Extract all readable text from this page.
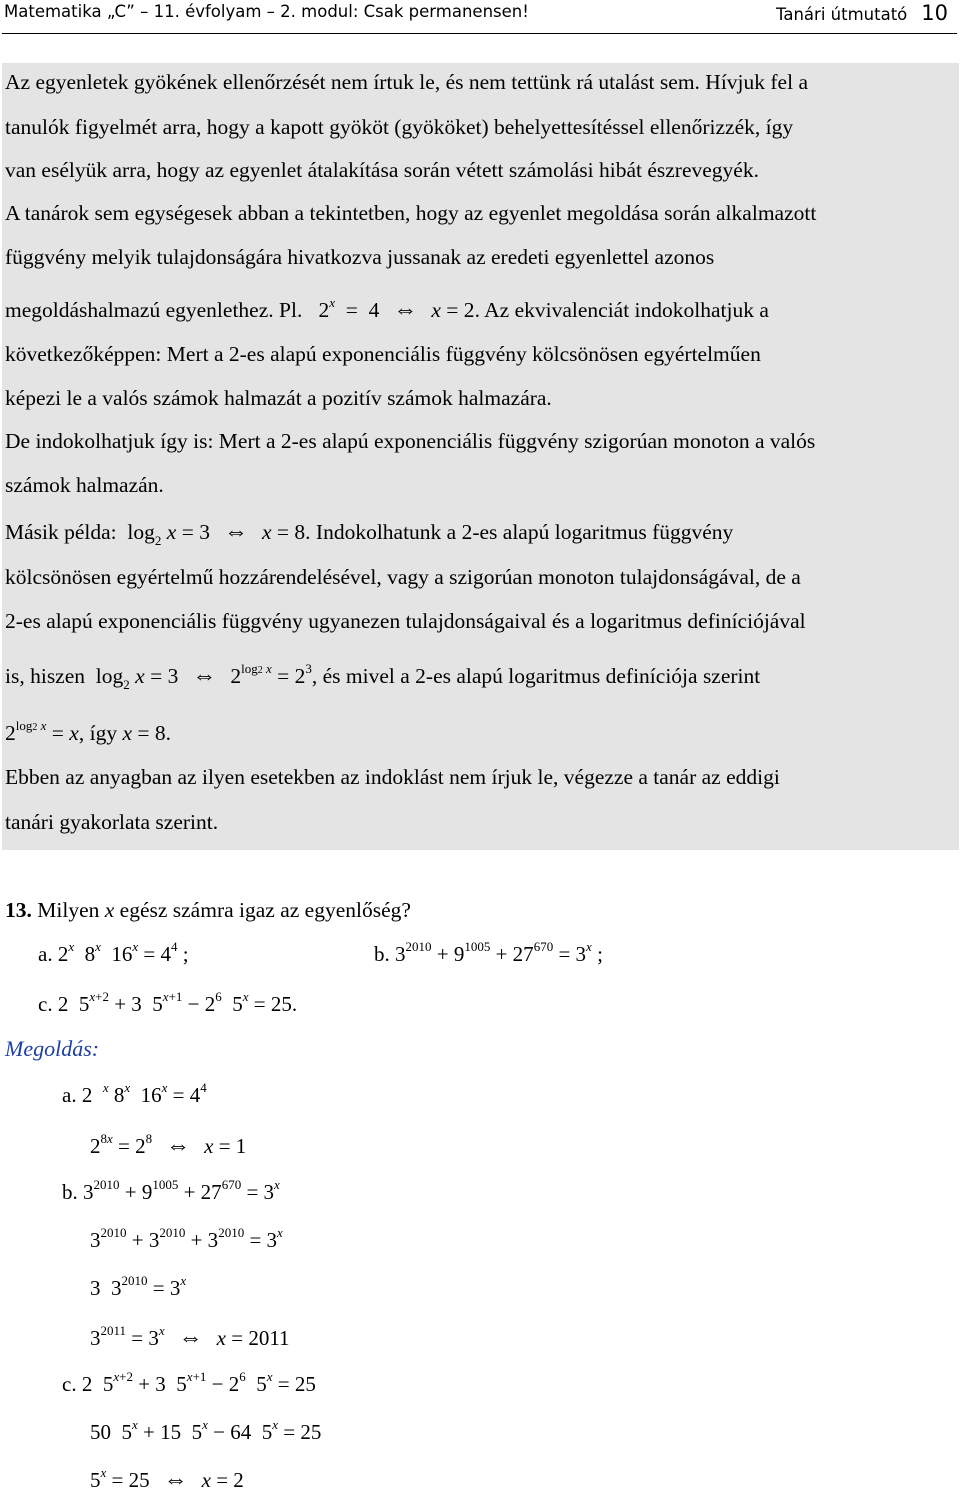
Matematika „C” – 11. évfolyam – 2. modul: Csak permanensen!	Tanári útmutató 10
Az egyenletek gyökének ellenőrzését nem írtuk le, és nem tettünk rá utalást sem. Hívjuk fel a
tanulók figyelmét arra, hogy a kapott gyököt (gyököket) behelyettesítéssel ellenőrizzék, így
van esélyük arra, hogy az egyenlet átalakítása során vétett számolási hibát észrevegyék.
A tanárok sem egységesek abban a tekintetben, hogy az egyenlet megoldása során alkalmazott
függvény melyik tulajdonságára hivatkozva jussanak az eredeti egyenlettel azonos
megoldáshalmazú egyenlethez. Pl.   2$^x$  =  4 ⇔ x = 2. Az ekvivalenciát indokolhatjuk a
következőképpen: Mert a 2-es alapú exponenciális függvény kölcsönösen egyértelműen
képezi le a valós számok halmazát a pozitív számok halmazára.
De indokolhatjuk így is: Mert a 2-es alapú exponenciális függvény szigorúan monoton a valós
számok halmazán.
Másik példa:  $\log_2 x = 3$ ⇔ x = 8. Indokolhatunk a 2-es alapú logaritmus függvény
kölcsönösen egyértelmű hozzárendelésével, vagy a szigorúan monoton tulajdonságával, de a
2-es alapú exponenciális függvény ugyanezen tulajdonságaival és a logaritmus definíciójával
is, hiszen  $\log_2 x = 3$ ⇔ $2^{log2 x} = 2^3$, és mivel a 2-es alapú logaritmus definíciója szerint
$2^{log2 x} = x$, így x = 8.
Ebben az anyagban az ilyen esetekben az indoklást nem írjuk le, végezze a tanár az eddigi
tanári gyakorlata szerint.
13. Milyen x egész számra igaz az egyenlőség?
a. 2$^x$  8$^x$  $16^x = 4^4$ ;	b. $3^{2010} + 9^{1005} + 27^{670} = 3^x$ ;
c. 2  $5^{x+2} + 3$  $5^{x+1} - 2^6$  $5^x = 25$.
Megoldás:
a. 2  $^x$ 8$^x$  $16^x = 4^4$
$2^{8x} = 2^8$ ⇔ x = 1
b. $3^{2010} + 9^{1005} + 27^{670} = 3^x$
$3^{2010} + 3^{2010} + 3^{2010} = 3^x$
3  $3^{2010} = 3^x$
$3^{2011} = 3^x$ ⇔ x = 2011
c. 2  $5^{x+2} + 3$  $5^{x+1} - 2^6$  $5^x = 25$
50  $5^x + 15$  $5^x - 64$  $5^x = 25$
$5^x = 25$ ⇔ x = 2
